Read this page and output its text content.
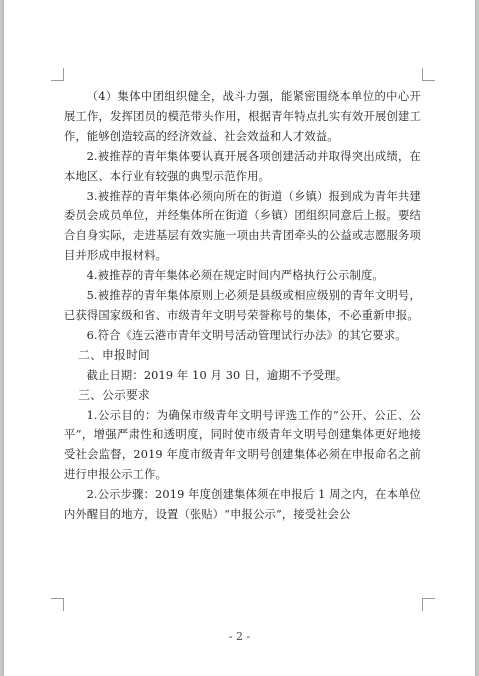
（4）集体中团组织健全，战斗力强，能紧密围绕本单位的中心开展工作，发挥团员的模范带头作用，根据青年特点扎实有效开展创建工作，能够创造较高的经济效益、社会效益和人才效益。

2.被推荐的青年集体要认真开展各项创建活动并取得突出成绩，在本地区、本行业有较强的典型示范作用。

3.被推荐的青年集体必须向所在的街道（乡镇）报到成为青年共建委员会成员单位，并经集体所在街道（乡镇）团组织同意后上报。要结合自身实际，走进基层有效实施一项由共青团牵头的公益或志愿服务项目并形成申报材料。

4.被推荐的青年集体必须在规定时间内严格执行公示制度。

5.被推荐的青年集体原则上必须是县级或相应级别的青年文明号，已获得国家级和省、市级青年文明号荣誉称号的集体，不必重新申报。

6.符合《连云港市青年文明号活动管理试行办法》的其它要求。

二、申报时间

截止日期：2019 年 10 月 30 日，逾期不予受理。

三、公示要求

1.公示目的：为确保市级青年文明号评选工作的“公开、公正、公平”，增强严肃性和透明度，同时使市级青年文明号创建集体更好地接受社会监督，2019 年度市级青年文明号创建集体必须在申报命名之前进行申报公示工作。

2.公示步骤：2019 年度创建集体须在申报后 1 周之内，在本单位内外醒目的地方，设置（张贴）“申报公示”，接受社会公

- 2 -
